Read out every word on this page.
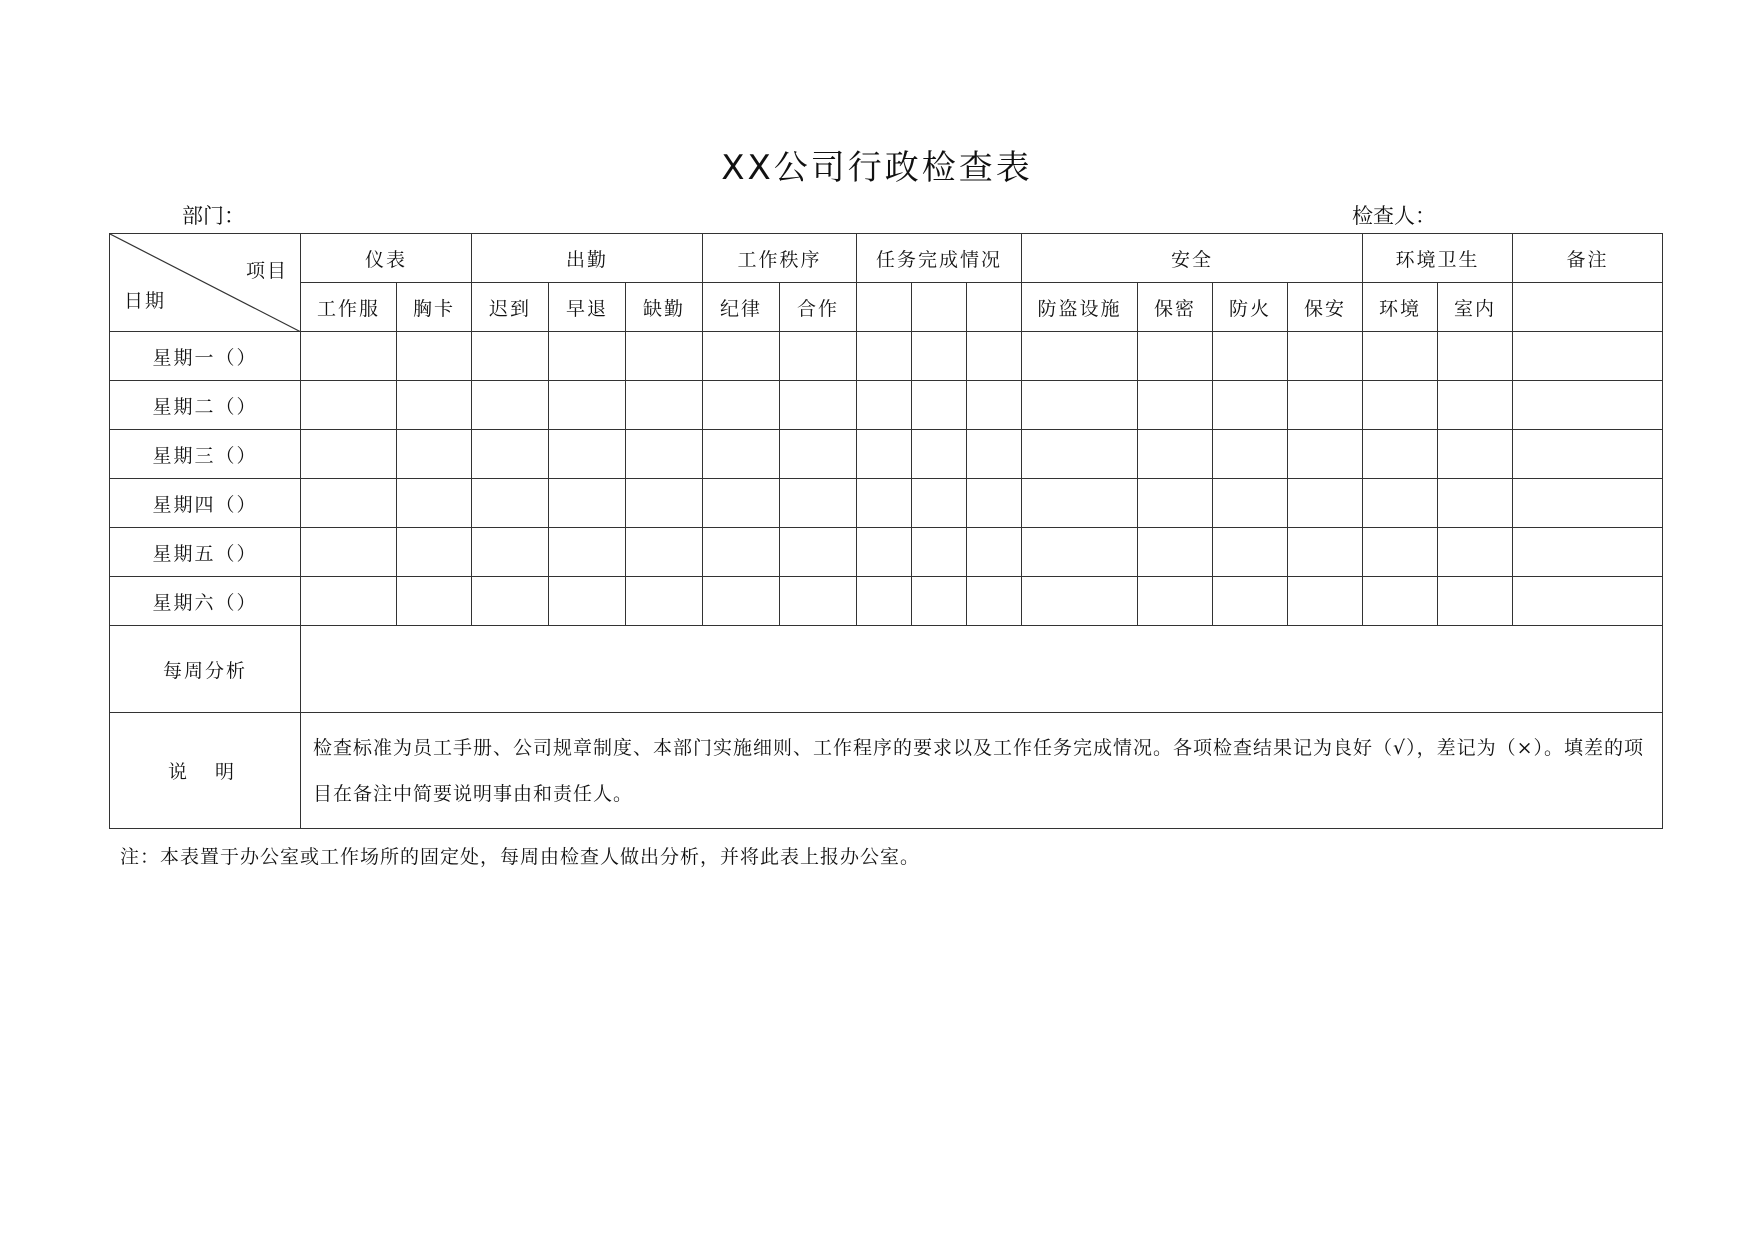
XX公司行政检查表
部门：	检查人：
项目
日期	仪表		出勤			工作秩序		任务完成情况			安全				环境卫生		备注
	工作服	胸卡	迟到	早退	缺勤	纪律	合作				防盗设施	保密	防火	保安	环境	室内	
星期一（）																	
星期二（）																	
星期三（）																	
星期四（）																	
星期五（）																	
星期六（）																	
每周分析																	
说明	检查标准为员工手册、公司规章制度、本部门实施细则、工作程序的要求以及工作任务完成情况。各项检查结果记为良好（√），差记为（×）。填差的项目在备注中简要说明事由和责任人。																
注：本表置于办公室或工作场所的固定处，每周由检查人做出分析，并将此表上报办公室。
